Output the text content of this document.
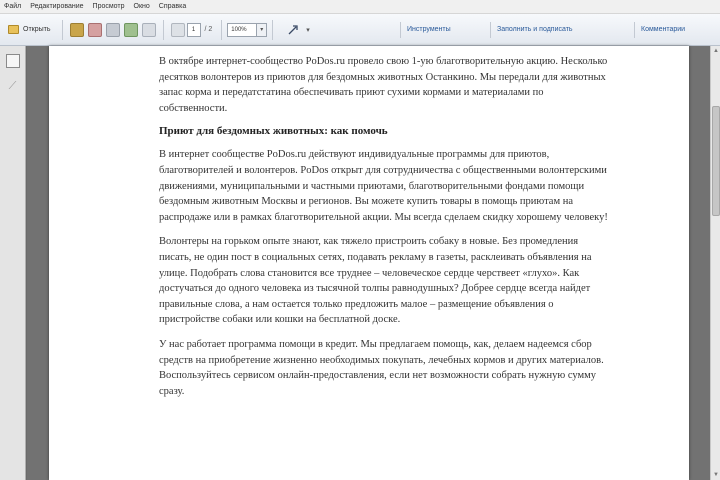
Файл Редактирование Просмотр Окно Справка
Открыть	1	/ 2	100%	▾	▾	Инструменты	Заполнить и подписать	Комментарии
⟋

В октябре интернет-сообщество PoDos.ru провело свою 1-ую благотворительную акцию. Несколько десятков волонтеров из приютов для бездомных животных Останкино. Мы передали для животных запас корма и передатстатина обеспечивать приют сухими кормами и материалами по собственности.

Приют для бездомных животных: как помочь

В интернет сообществе PoDos.ru действуют индивидуальные программы для приютов, благотворителей и волонтеров. PoDos открыт для сотрудничества с общественными волонтерскими движениями, муниципальными и частными приютами, благотворительными фондами помощи бездомным животным Москвы и регионов. Вы можете купить товары в помощь приютам на распродаже или в рамках благотворительной акции. Мы всегда сделаем скидку хорошему человеку!

Волонтеры на горьком опыте знают, как тяжело пристроить собаку в новые. Без промедления писать, не один пост в социальных сетях, подавать рекламу в газеты, расклеивать объявления на улице. Подобрать слова становится все труднее – человеческое сердце черствеет «глухо». Как достучаться до одного человека из тысячной толпы равнодушных? Добрее сердце всегда найдет правильные слова, а нам остается только предложить малое – размещение объявления о пристройстве собаки или кошки на бесплатной доске.

У нас работает программа помощи в кредит. Мы предлагаем помощь, как, делаем надеемся сбор средств на приобретение жизненно необходимых покупать, лечебных кормов и других материалов. Воспользуйтесь сервисом онлайн-предоставления, если нет возможности собрать нужную сумму сразу.

▲
▼
